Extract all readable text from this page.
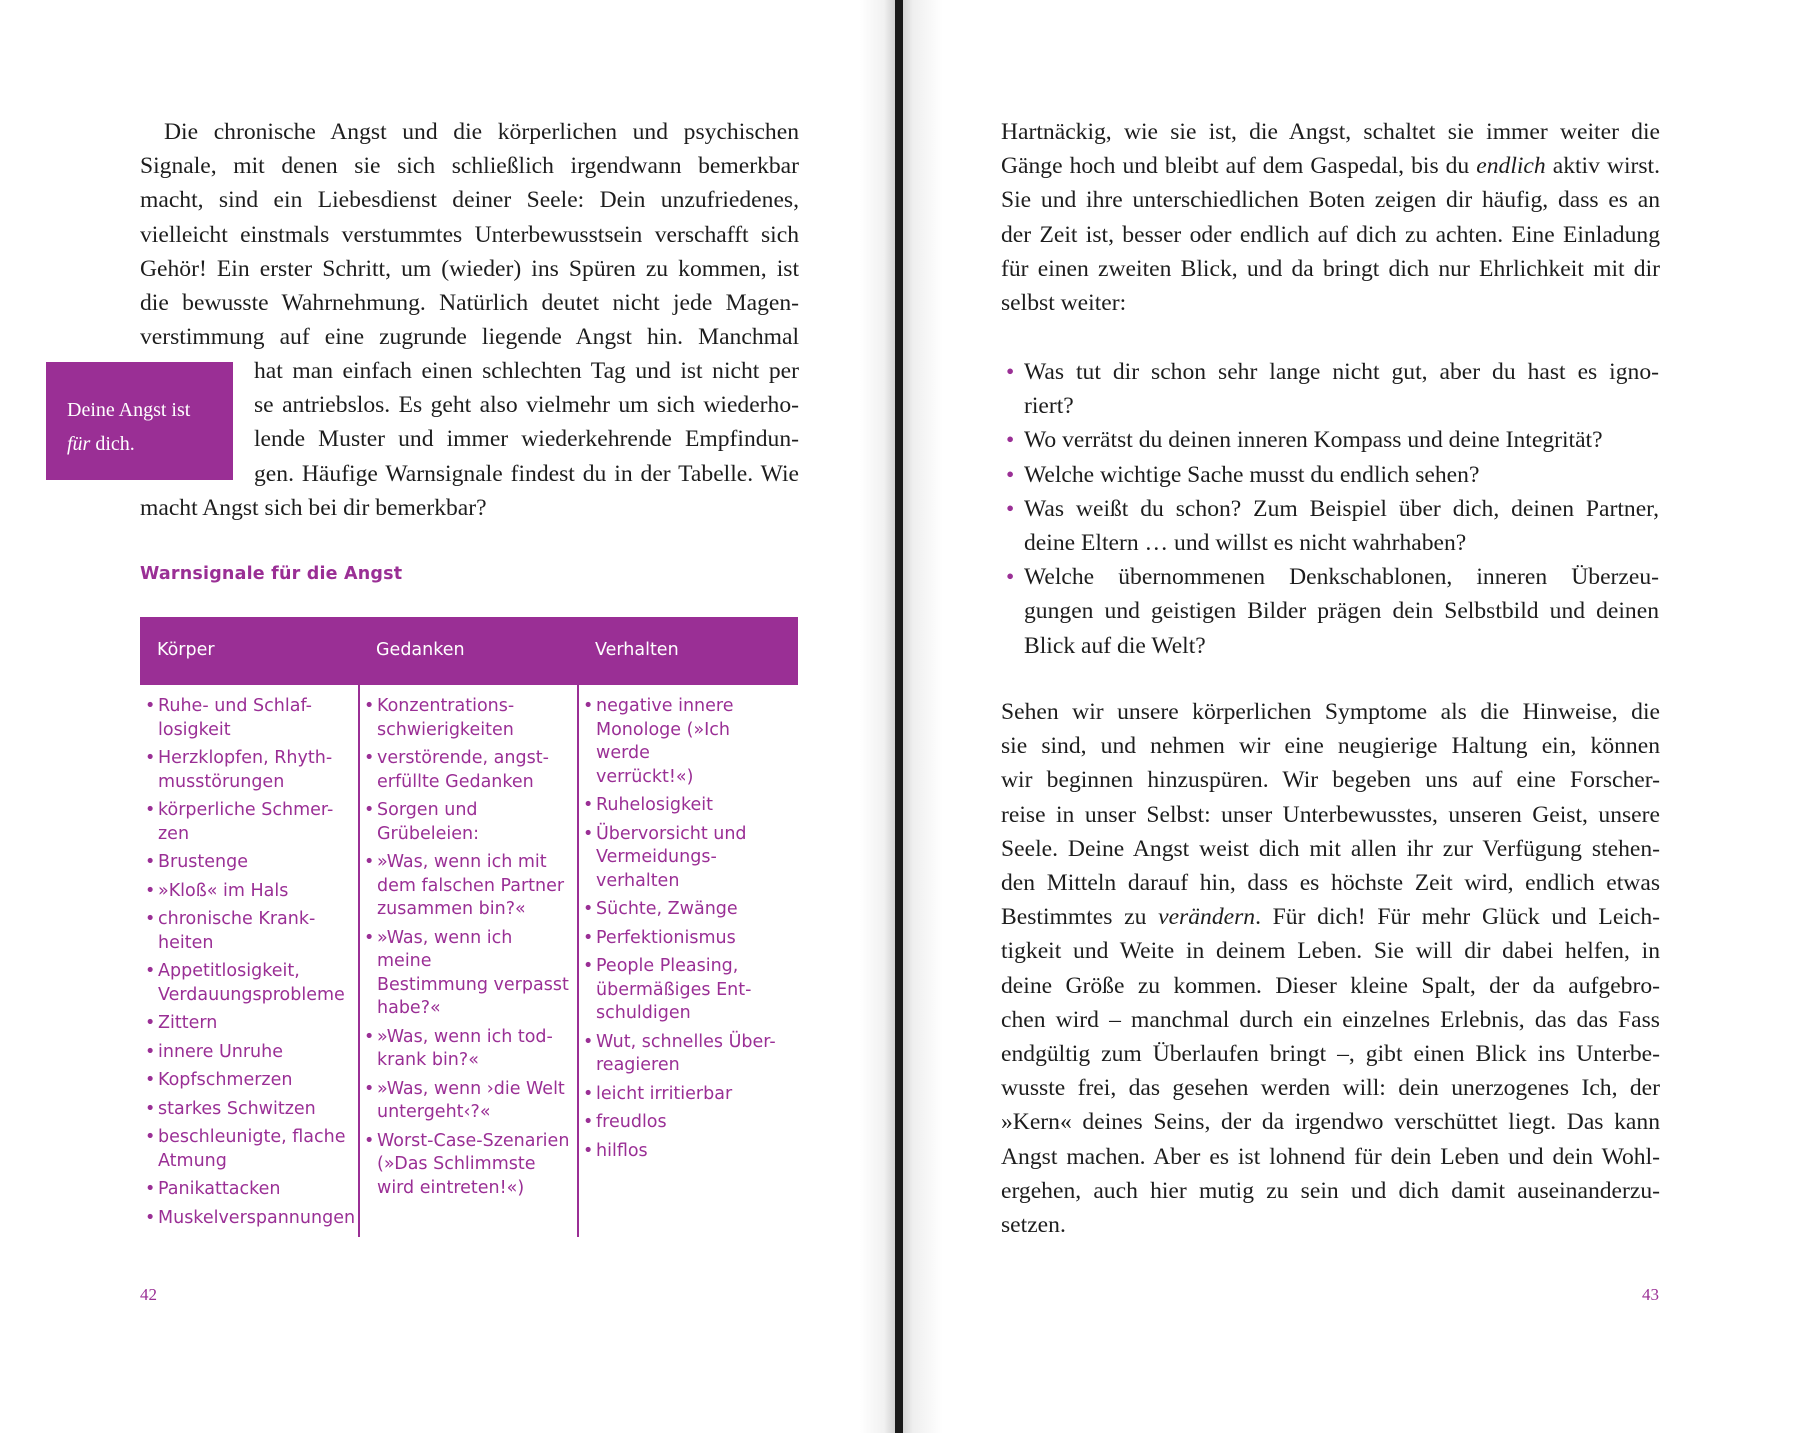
Die chronische Angst und die körperlichen und psychischen
Signale, mit denen sie sich schließlich irgendwann bemerkbar
macht, sind ein Liebesdienst deiner Seele: Dein unzufriedenes,
vielleicht einstmals verstummtes Unterbewusstsein verschafft sich
Gehör! Ein erster Schritt, um (wieder) ins Spüren zu kommen, ist
die bewusste Wahrnehmung. Natürlich deutet nicht jede Magen-
verstimmung auf eine zugrunde liegende Angst hin. Manchmal
hat man einfach einen schlechten Tag und ist nicht per
se antriebslos. Es geht also vielmehr um sich wiederho-
lende Muster und immer wiederkehrende Empfindun-
gen. Häufige Warnsignale findest du in der Tabelle. Wie
macht Angst sich bei dir bemerkbar?
Deine Angst ist
für dich.
Warnsignale für die Angst
Körper	Gedanken	Verhalten
• Ruhe- und Schlaf-
losigkeit
• Herzklopfen, Rhyth-
musstörungen
• körperliche Schmer-
zen
• Brustenge
• »Kloß« im Hals
• chronische Krank-
heiten
• Appetitlosigkeit,
Verdauungsprobleme
• Zittern
• innere Unruhe
• Kopfschmerzen
• starkes Schwitzen
• beschleunigte, flache
Atmung
• Panikattacken
• Muskelverspannungen
• Konzentrations-
schwierigkeiten
• verstörende, angst-
erfüllte Gedanken
• Sorgen und
Grübeleien:
• »Was, wenn ich mit
dem falschen Partner
zusammen bin?«
• »Was, wenn ich meine
Bestimmung verpasst
habe?«
• »Was, wenn ich tod-
krank bin?«
• »Was, wenn ›die Welt
untergeht‹?«
• Worst-Case-Szenarien
(»Das Schlimmste
wird eintreten!«)
• negative innere
Monologe (»Ich werde
verrückt!«)
• Ruhelosigkeit
• Übervorsicht und
Vermeidungs-
verhalten
• Süchte, Zwänge
• Perfektionismus
• People Pleasing,
übermäßiges Ent-
schuldigen
• Wut, schnelles Über-
reagieren
• leicht irritierbar
• freudlos
• hilflos
42
Hartnäckig, wie sie ist, die Angst, schaltet sie immer weiter die
Gänge hoch und bleibt auf dem Gaspedal, bis du endlich aktiv wirst.
Sie und ihre unterschiedlichen Boten zeigen dir häufig, dass es an
der Zeit ist, besser oder endlich auf dich zu achten. Eine Einladung
für einen zweiten Blick, und da bringt dich nur Ehrlichkeit mit dir
selbst weiter:
• Was tut dir schon sehr lange nicht gut, aber du hast es igno-
riert?
• Wo verrätst du deinen inneren Kompass und deine Integrität?
• Welche wichtige Sache musst du endlich sehen?
• Was weißt du schon? Zum Beispiel über dich, deinen Partner,
deine Eltern … und willst es nicht wahrhaben?
• Welche übernommenen Denkschablonen, inneren Überzeu-
gungen und geistigen Bilder prägen dein Selbstbild und deinen
Blick auf die Welt?
Sehen wir unsere körperlichen Symptome als die Hinweise, die
sie sind, und nehmen wir eine neugierige Haltung ein, können
wir beginnen hinzuspüren. Wir begeben uns auf eine Forscher-
reise in unser Selbst: unser Unterbewusstes, unseren Geist, unsere
Seele. Deine Angst weist dich mit allen ihr zur Verfügung stehen-
den Mitteln darauf hin, dass es höchste Zeit wird, endlich etwas
Bestimmtes zu verändern. Für dich! Für mehr Glück und Leich-
tigkeit und Weite in deinem Leben. Sie will dir dabei helfen, in
deine Größe zu kommen. Dieser kleine Spalt, der da aufgebro-
chen wird – manchmal durch ein einzelnes Erlebnis, das das Fass
endgültig zum Überlaufen bringt –, gibt einen Blick ins Unterbe-
wusste frei, das gesehen werden will: dein unerzogenes Ich, der
»Kern« deines Seins, der da irgendwo verschüttet liegt. Das kann
Angst machen. Aber es ist lohnend für dein Leben und dein Wohl-
ergehen, auch hier mutig zu sein und dich damit auseinanderzu-
setzen.
43
